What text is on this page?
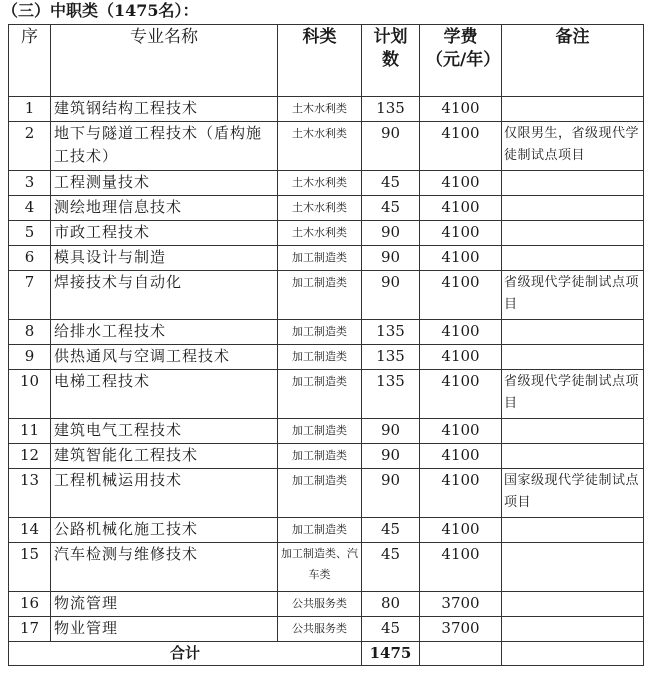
（三）中职类（1475名）：
序	专业名称	科类	计划数	学费（元/年）	备注
1	建筑钢结构工程技术	土木水利类	135	4100	
2	地下与隧道工程技术（盾构施工技术）	土木水利类	90	4100	仅限男生，省级现代学徒制试点项目
3	工程测量技术	土木水利类	45	4100	
4	测绘地理信息技术	土木水利类	45	4100	
5	市政工程技术	土木水利类	90	4100	
6	模具设计与制造	加工制造类	90	4100	
7	焊接技术与自动化	加工制造类	90	4100	省级现代学徒制试点项目
8	给排水工程技术	加工制造类	135	4100	
9	供热通风与空调工程技术	加工制造类	135	4100	
10	电梯工程技术	加工制造类	135	4100	省级现代学徒制试点项目
11	建筑电气工程技术	加工制造类	90	4100	
12	建筑智能化工程技术	加工制造类	90	4100	
13	工程机械运用技术	加工制造类	90	4100	国家级现代学徒制试点项目
14	公路机械化施工技术	加工制造类	45	4100	
15	汽车检测与维修技术	加工制造类、汽车类	45	4100	
16	物流管理	公共服务类	80	3700	
17	物业管理	公共服务类	45	3700	
合计			1475		
